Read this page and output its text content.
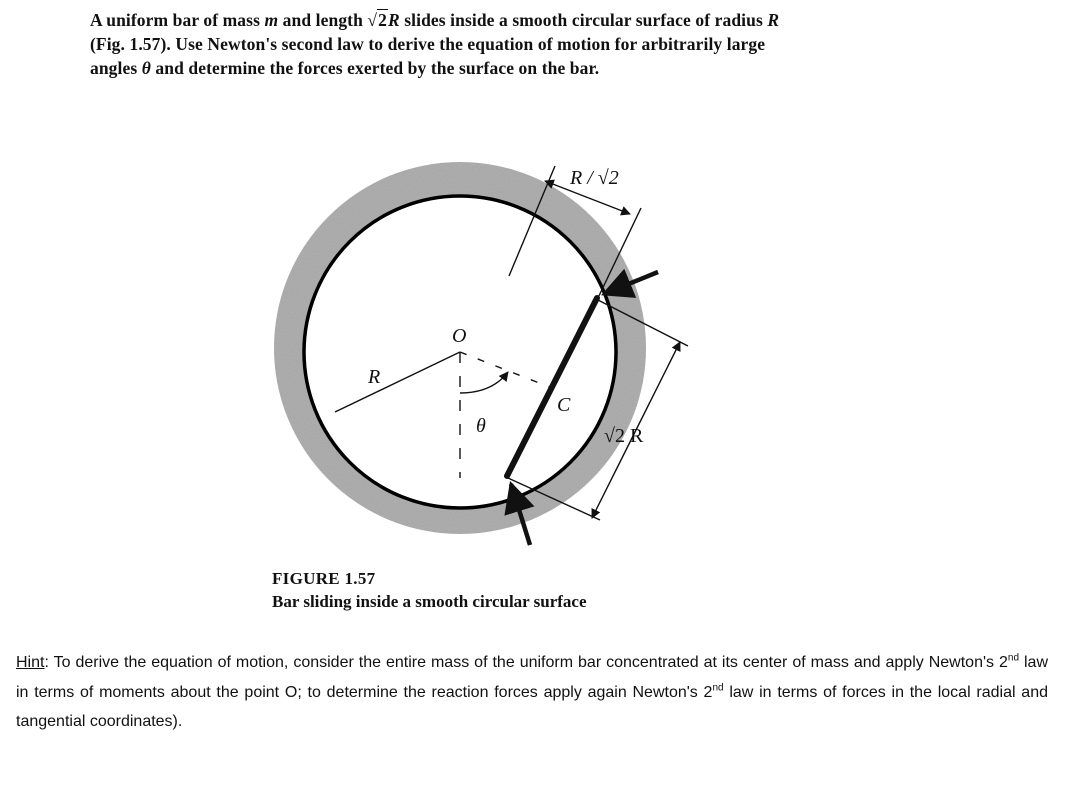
A uniform bar of mass m and length √2R slides inside a smooth circular surface of radius R
(Fig. 1.57). Use Newton's second law to derive the equation of motion for arbitrarily large
angles θ and determine the forces exerted by the surface on the bar.
O
R
θ
C
R / √2
√2 R
FIGURE 1.57
Bar sliding inside a smooth circular surface

Hint: To derive the equation of motion, consider the entire mass of the uniform bar concentrated at its center of mass and apply Newton's 2nd law in terms of moments about the point O; to determine the reaction forces apply again Newton's 2nd law in terms of forces in the local radial and tangential coordinates).
